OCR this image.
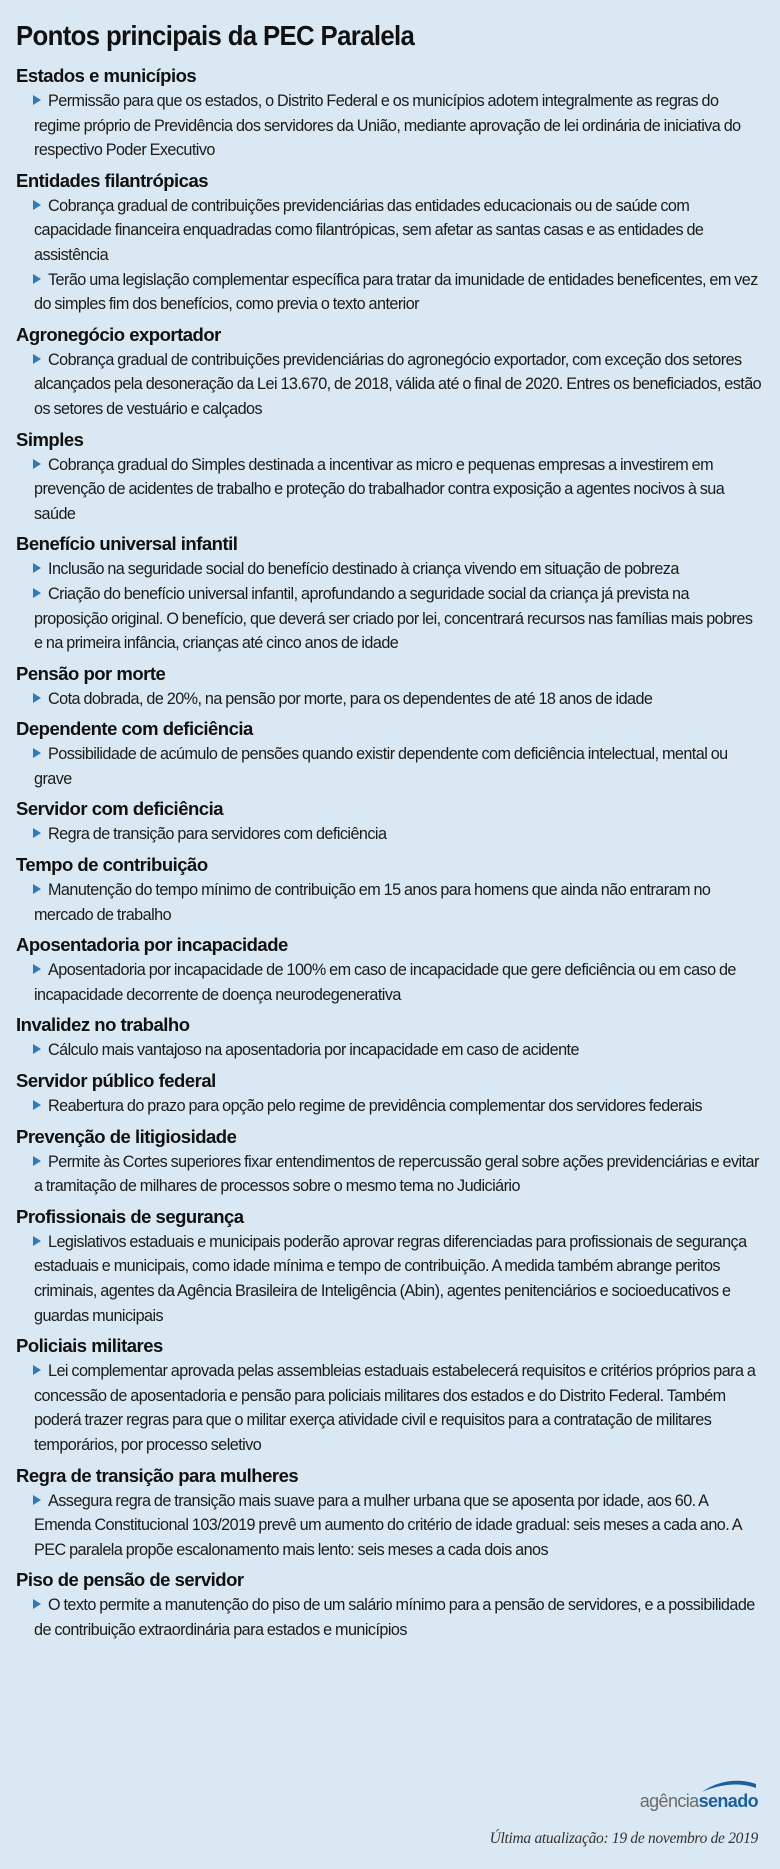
Pontos principais da PEC Paralela
Estados e municípios
Permissão para que os estados, o Distrito Federal e os municípios adotem integralmente as regras do regime próprio de Previdência dos servidores da União, mediante aprovação de lei ordinária de iniciativa do respectivo Poder Executivo
Entidades filantrópicas
Cobrança gradual de contribuições previdenciárias das entidades educacionais ou de saúde com capacidade financeira enquadradas como filantrópicas, sem afetar as santas casas e as entidades de assistência
Terão uma legislação complementar específica para tratar da imunidade de entidades beneficentes, em vez do simples fim dos benefícios, como previa o texto anterior
Agronegócio exportador
Cobrança gradual de contribuições previdenciárias do agronegócio exportador, com exceção dos setores alcançados pela desoneração da Lei 13.670, de 2018, válida até o final de 2020. Entres os beneficiados, estão os setores de vestuário e calçados
Simples
Cobrança gradual do Simples destinada a incentivar as micro e pequenas empresas a investirem em prevenção de acidentes de trabalho e proteção do trabalhador contra exposição a agentes nocivos à sua saúde
Benefício universal infantil
Inclusão na seguridade social do benefício destinado à criança vivendo em situação de pobreza
Criação do benefício universal infantil, aprofundando a seguridade social da criança já prevista na proposição original. O benefício, que deverá ser criado por lei, concentrará recursos nas famílias mais pobres e na primeira infância, crianças até cinco anos de idade
Pensão por morte
Cota dobrada, de 20%, na pensão por morte, para os dependentes de até 18 anos de idade
Dependente com deficiência
Possibilidade de acúmulo de pensões quando existir dependente com deficiência intelectual, mental ou grave
Servidor com deficiência
Regra de transição para servidores com deficiência
Tempo de contribuição
Manutenção do tempo mínimo de contribuição em 15 anos para homens que ainda não entraram no mercado de trabalho
Aposentadoria por incapacidade
Aposentadoria por incapacidade de 100% em caso de incapacidade que gere deficiência ou em caso de incapacidade decorrente de doença neurodegenerativa
Invalidez no trabalho
Cálculo mais vantajoso na aposentadoria por incapacidade em caso de acidente
Servidor público federal
Reabertura do prazo para opção pelo regime de previdência complementar dos servidores federais
Prevenção de litigiosidade
Permite às Cortes superiores fixar entendimentos de repercussão geral sobre ações previdenciárias e evitar a tramitação de milhares de processos sobre o mesmo tema no Judiciário
Profissionais de segurança
Legislativos estaduais e municipais poderão aprovar regras diferenciadas para profissionais de segurança estaduais e municipais, como idade mínima e tempo de contribuição. A medida também abrange peritos criminais, agentes da Agência Brasileira de Inteligência (Abin), agentes penitenciários e socioeducativos e guardas municipais
Policiais militares
Lei complementar aprovada pelas assembleias estaduais estabelecerá requisitos e critérios próprios para a concessão de aposentadoria e pensão para policiais militares dos estados e do Distrito Federal. Também poderá trazer regras para que o militar exerça atividade civil e requisitos para a contratação de militares temporários, por processo seletivo
Regra de transição para mulheres
Assegura regra de transição mais suave para a mulher urbana que se aposenta por idade, aos 60. A Emenda Constitucional 103/2019 prevê um aumento do critério de idade gradual: seis meses a cada ano. A PEC paralela propõe escalonamento mais lento: seis meses a cada dois anos
Piso de pensão de servidor
O texto permite a manutenção do piso de um salário mínimo para a pensão de servidores, e a possibilidade de contribuição extraordinária para estados e municípios
agênciasenado
Última atualização: 19 de novembro de 2019
